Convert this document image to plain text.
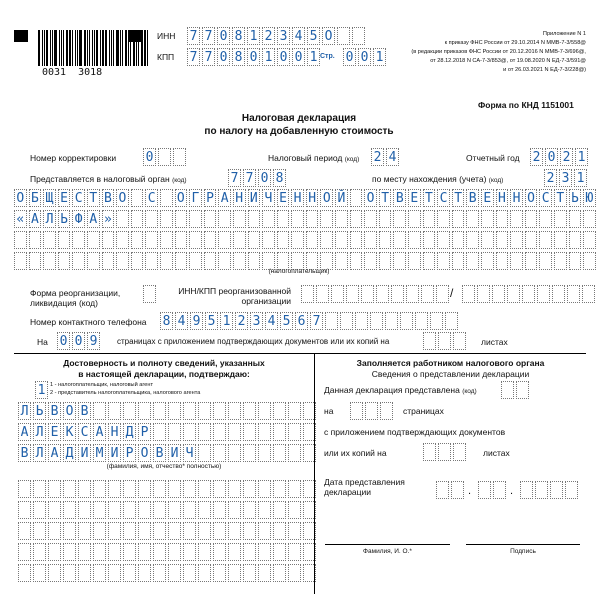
0031  3018
ИНН 7 7 0 8 1 2 3 4 5 O
КПП 7 7 0 8 0 1 0 0 1 Стр. 0 0 1
Приложение N 1
к приказу ФНС России от 29.10.2014 N ММВ-7-3/558@
(в редакции приказов ФНС России от 20.12.2016 N ММВ-7-3/696@,
от 28.12.2018 N СА-7-3/853@, от 19.08.2020 N ЕД-7-3/591@
и от 26.03.2021 N ЕД-7-3/228@)
Форма по КНД 1151001
Налоговая декларация
по налогу на добавленную стоимость
Номер корректировки 0	Налоговый период (код) 2 4	Отчетный год 2 0 2 1
Представляется в налоговый орган (код)	7 7 0 8	по месту нахождения (учета) (код)	2 3 1
О Б Щ Е С Т В О С О Г Р А Н И Ч Е Н Н О Й О Т В Е Т С Т В Е Н Н О С Т Ь Ю
« А Л Ь Ф А »
(налогоплательщик)
Форма реорганизации,
ликвидация (код)
ИНН/КПП реорганизованной
организации
/
Номер контактного телефона 8 4 9 5 1 2 3 4 5 6 7
На 0 0 9	страницах с приложением подтверждающих документов или их копий на	листах
Достоверность и полноту сведений, указанных
в настоящей декларации, подтверждаю:
1 1 - налогоплательщик, налоговый агент
2 - представитель налогоплательщика, налогового агента
Л Ь В О В
А Л Е К С А Н Д Р
В Л А Д И М И Р О В И Ч
(фамилия, имя, отчество* полностью)
Заполняется работником налогового органа
Сведения о представлении декларации
Данная декларация представлена (код)
на	страницах
с приложением подтверждающих документов
или их копий на	листах
Дата представления
декларации	.	.
Фамилия, И. О.*	Подпись
